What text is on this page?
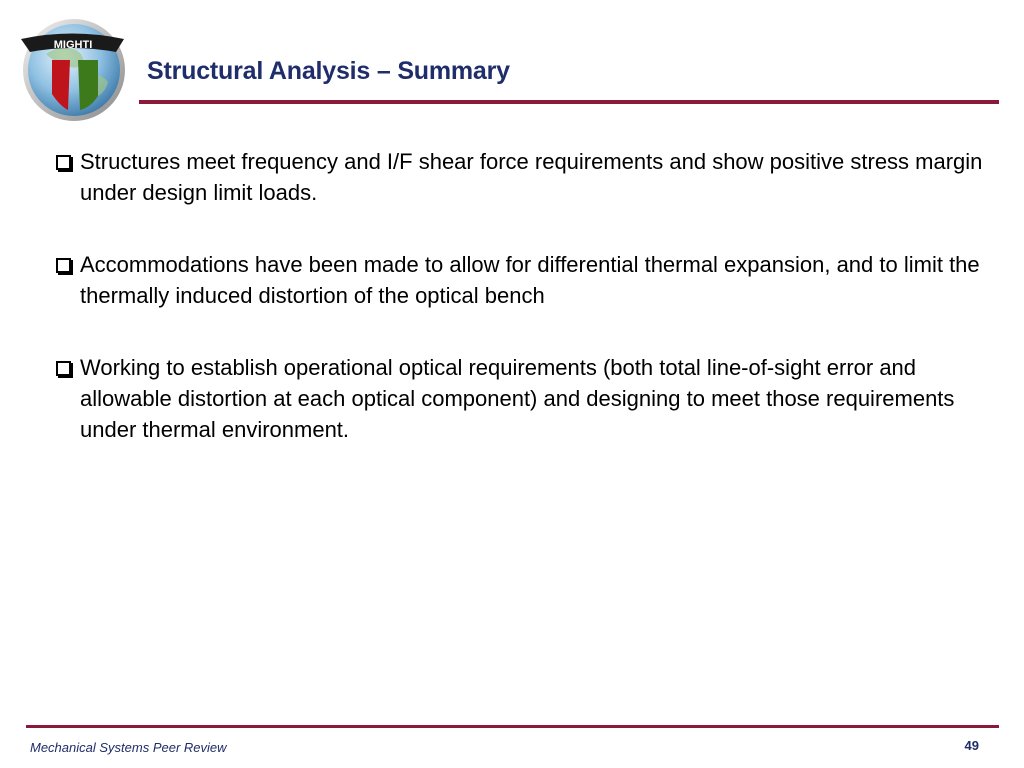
MIGHTI
Structural Analysis – Summary
Structures meet frequency and I/F shear force requirements and show positive stress margin under design limit loads.
Accommodations have been made to allow for differential thermal expansion, and to limit the thermally induced distortion of the optical bench
Working to establish operational optical requirements (both total line-of-sight error and allowable distortion at each optical component) and designing to meet those requirements under thermal environment.
Mechanical Systems Peer Review	49
